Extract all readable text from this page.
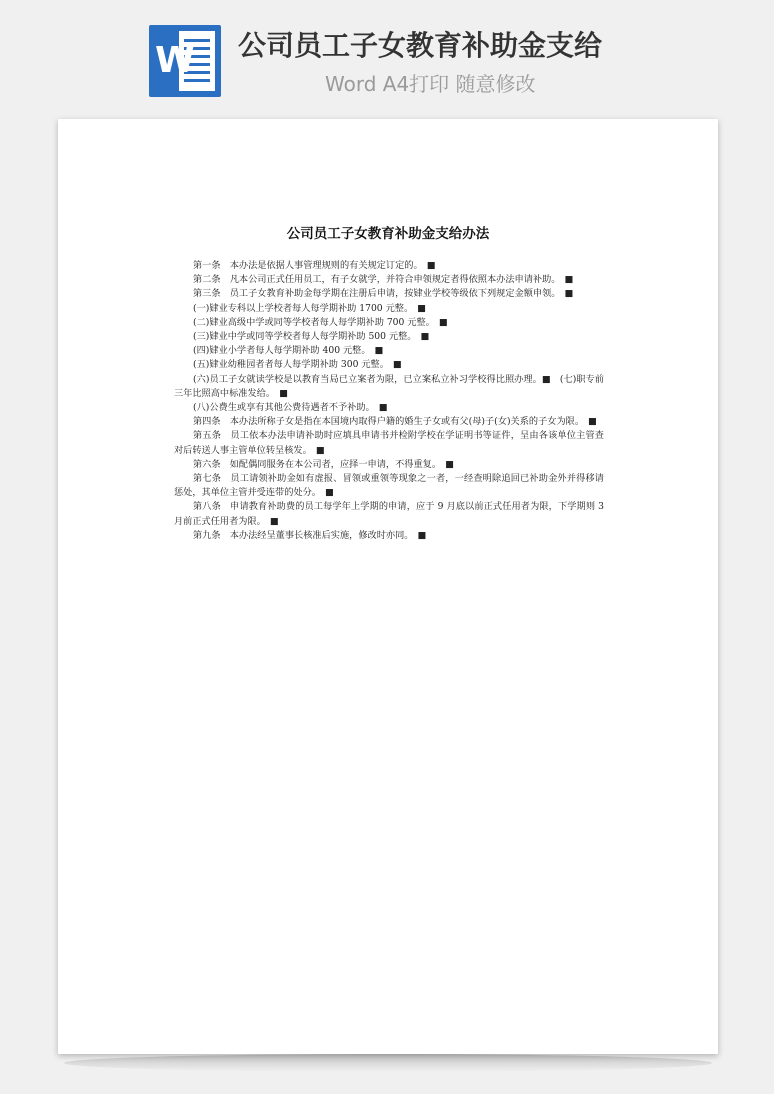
W 公司员工子女教育补助金支给
Word A4打印 随意修改
公司员工子女教育补助金支给办法

第一条　本办法是依据人事管理规则的有关规定订定的。 ■

第二条　凡本公司正式任用员工，有子女就学，并符合申领规定者得依照本办法申请补助。 ■

第三条　员工子女教育补助金每学期在注册后申请，按肄业学校等级依下列规定金额申领。 ■

(一)肄业专科以上学校者每人每学期补助 1700 元整。 ■

(二)肄业高级中学或同等学校者每人每学期补助 700 元整。 ■

(三)肄业中学或同等学校者每人每学期补助 500 元整。 ■

(四)肄业小学者每人每学期补助 400 元整。 ■

(五)肄业幼稚园者者每人每学期补助 300 元整。 ■

(六)员工子女就读学校是以教育当局已立案者为限，已立案私立补习学校得比照办理。■　(七)职专前三年比照高中标准发给。 ■

(八)公费生或享有其他公费待遇者不予补助。 ■

第四条　本办法所称子女是指在本国境内取得户籍的婚生子女或有父(母)子(女)关系的子女为限。 ■

第五条　员工依本办法申请补助时应填具申请书并检附学校在学证明书等证件，呈由各该单位主管查对后转送人事主管单位转呈核发。 ■

第六条　如配偶同服务在本公司者，应择一申请，不得重复。 ■

第七条　员工请领补助金如有虚报、冒领或重领等现象之一者，一经查明除追回已补助金外并得移请惩处，其单位主管并受连带的处分。 ■

第八条　申请教育补助费的员工每学年上学期的申请，应于 9 月底以前正式任用者为限，下学期则 3 月前正式任用者为限。 ■

第九条　本办法经呈董事长核准后实施，修改时亦同。 ■
